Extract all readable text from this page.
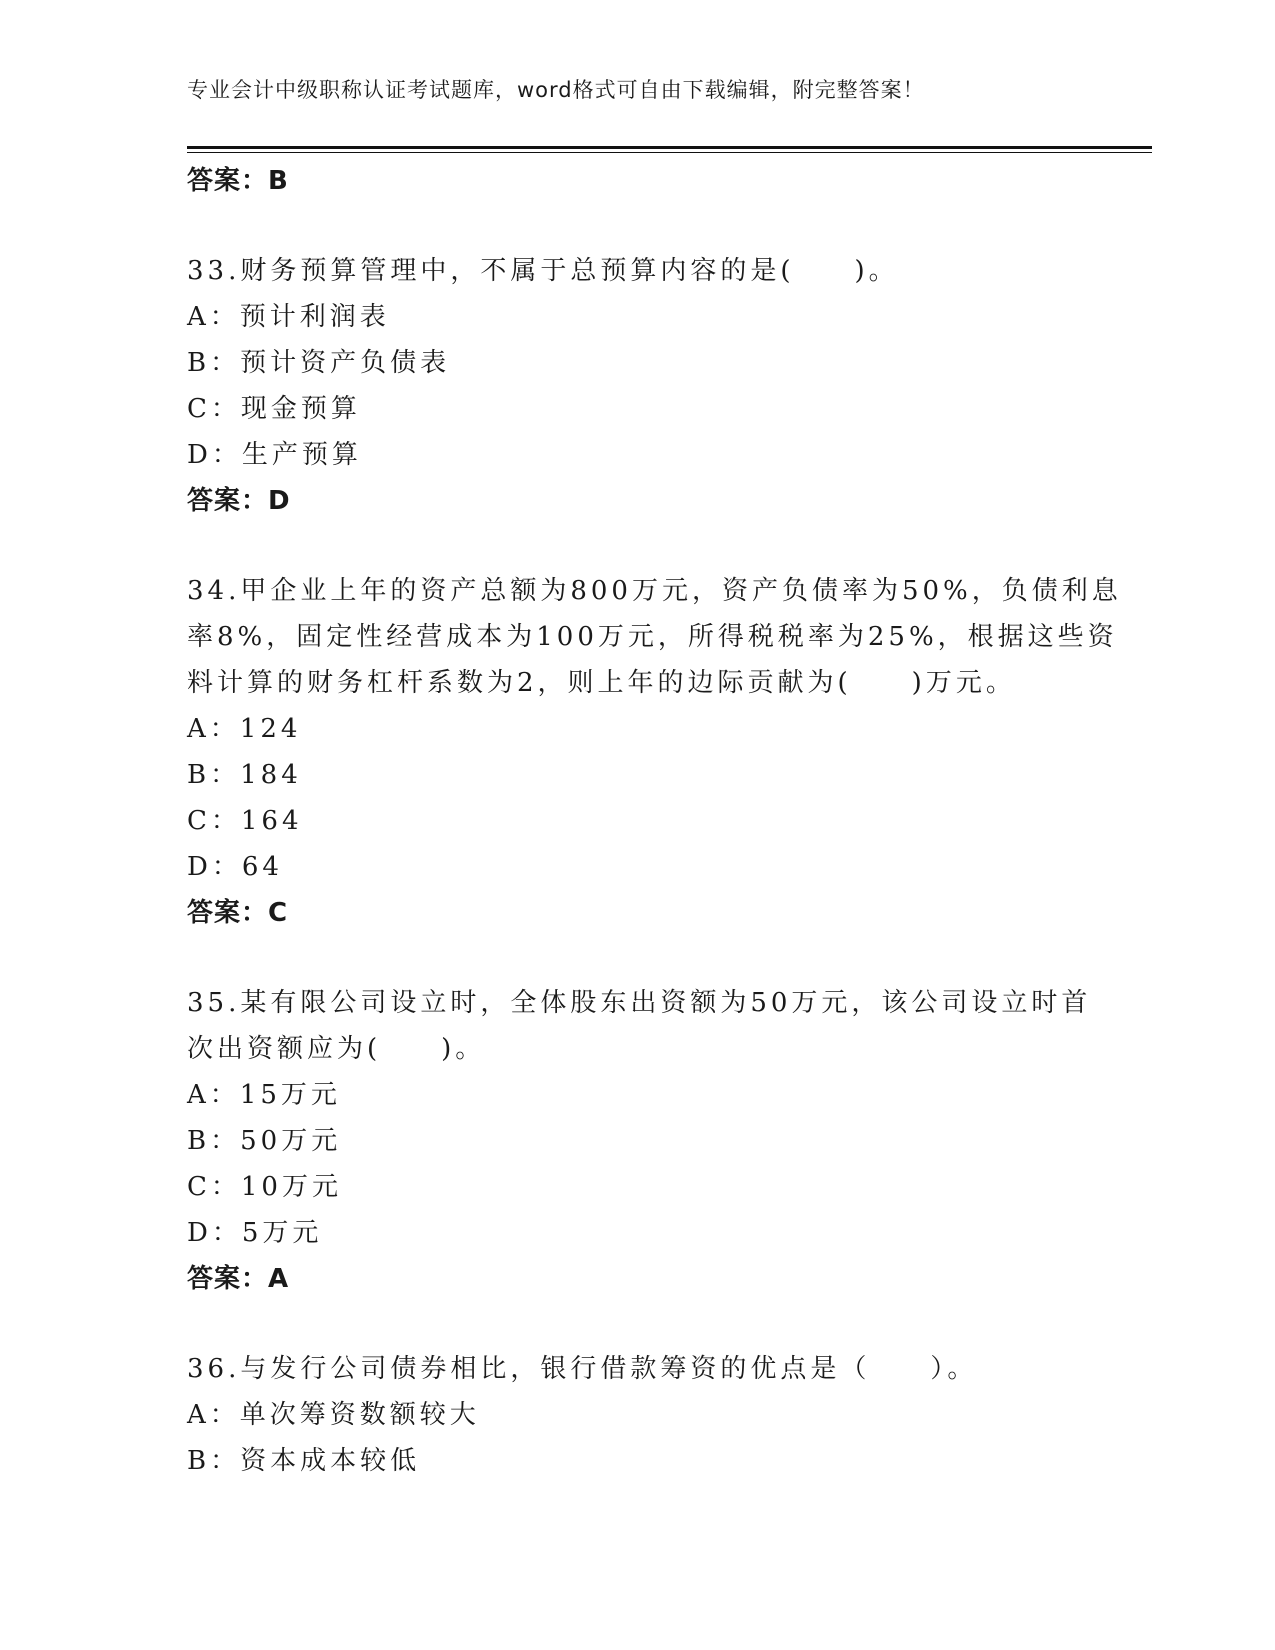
专业会计中级职称认证考试题库，word格式可自由下载编辑，附完整答案！
答案：B
33.财务预算管理中，不属于总预算内容的是(　　)。
A：预计利润表
B：预计资产负债表
C：现金预算
D：生产预算
答案：D
34.甲企业上年的资产总额为800万元，资产负债率为50%，负债利息
率8%，固定性经营成本为100万元，所得税税率为25%，根据这些资
料计算的财务杠杆系数为2，则上年的边际贡献为(　　)万元。
A：124
B：184
C：164
D：64
答案：C
35.某有限公司设立时，全体股东出资额为50万元，该公司设立时首
次出资额应为(　　)。
A：15万元
B：50万元
C：10万元
D：5万元
答案：A
36.与发行公司债券相比，银行借款筹资的优点是（　　）。
A：单次筹资数额较大
B：资本成本较低
